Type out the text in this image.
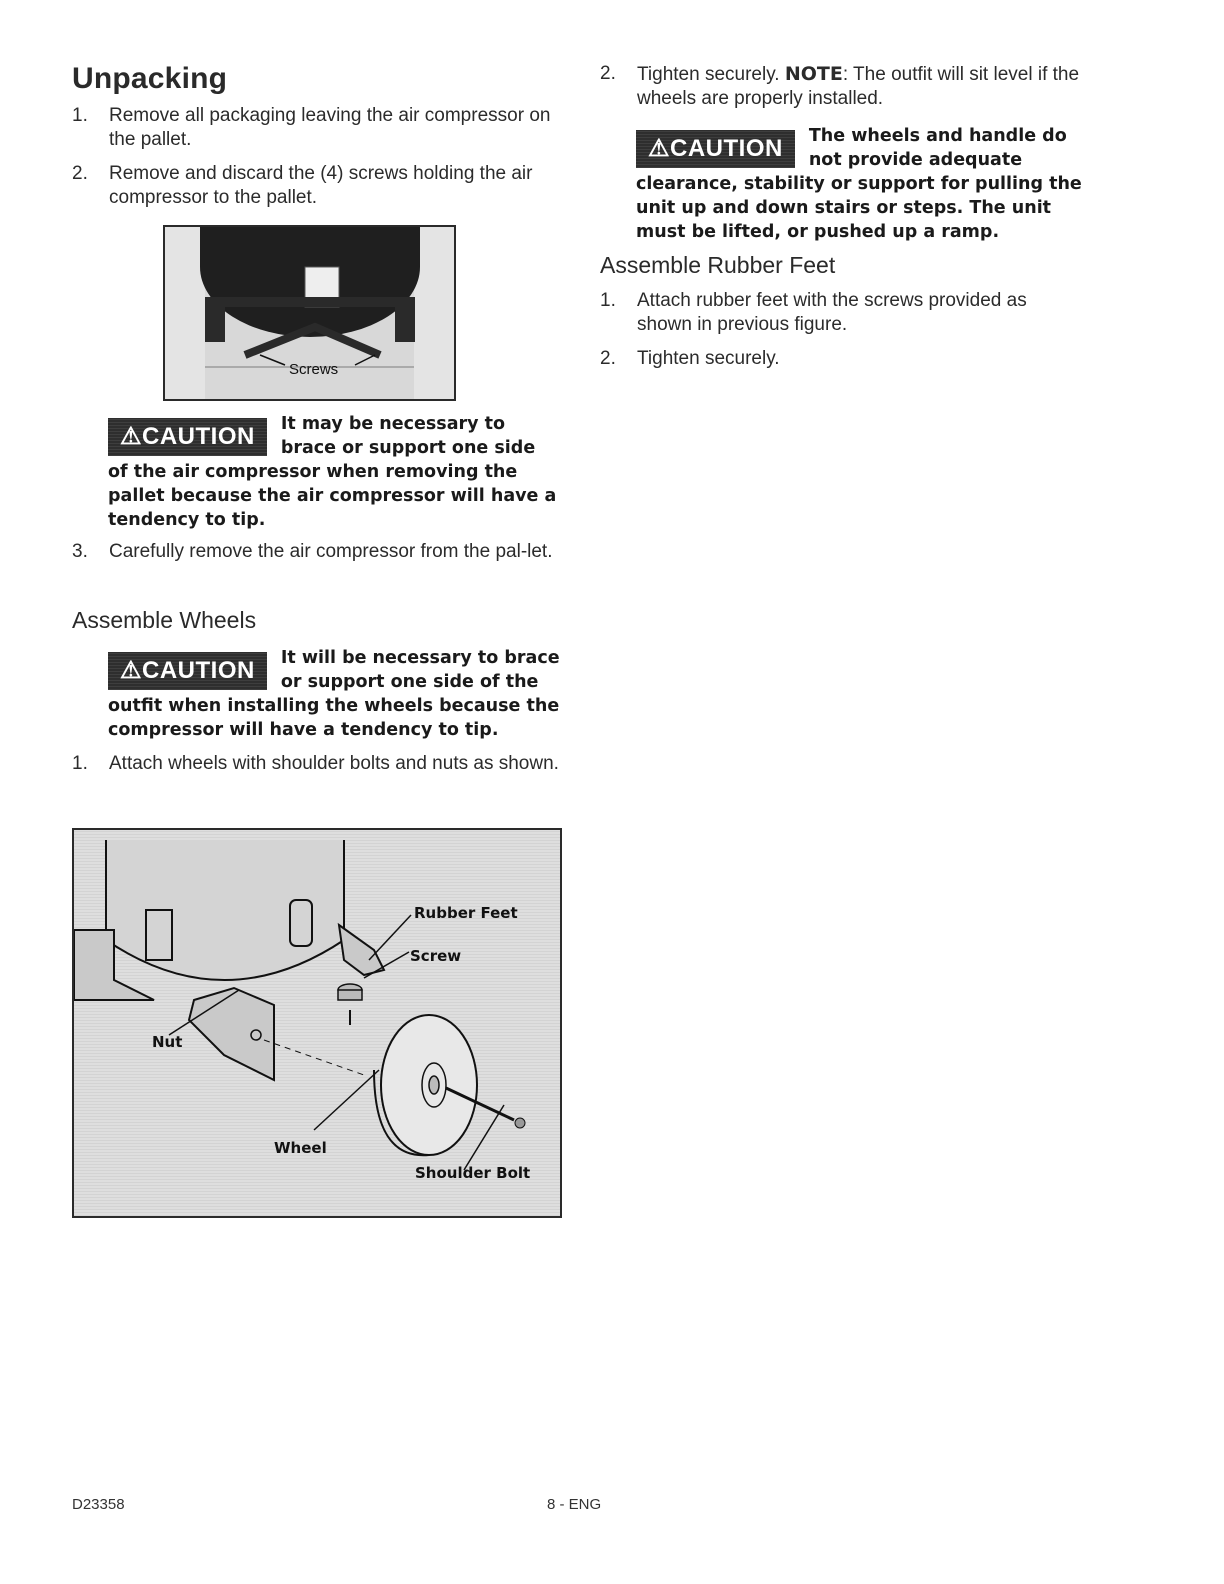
Unpacking
1. Remove all packaging leaving the air compressor on the pallet.
2. Remove and discard the (4) screws holding the air compressor to the pallet.
Screws
⚠CAUTION	It may be necessary to brace or support one side of the air compressor when removing the pallet because the air compressor will have a tendency to tip.
3. Carefully remove the air compressor from the pal-let.
Assemble Wheels
⚠CAUTION	It will be necessary to brace or support one side of the outfit when installing the wheels because the compressor will have a tendency to tip.
1. Attach wheels with shoulder bolts and nuts as shown.
Rubber Feet
Screw
Nut
Wheel
Shoulder Bolt
2. Tighten securely. NOTE: The outfit will sit level if the wheels are properly installed.
⚠CAUTION	The wheels and handle do not provide adequate clearance, stability or support for pulling the unit up and down stairs or steps. The unit must be lifted, or pushed up a ramp.
Assemble Rubber Feet
1. Attach rubber feet with the screws provided as shown in previous figure.
2. Tighten securely.
D23358	8 - ENG
